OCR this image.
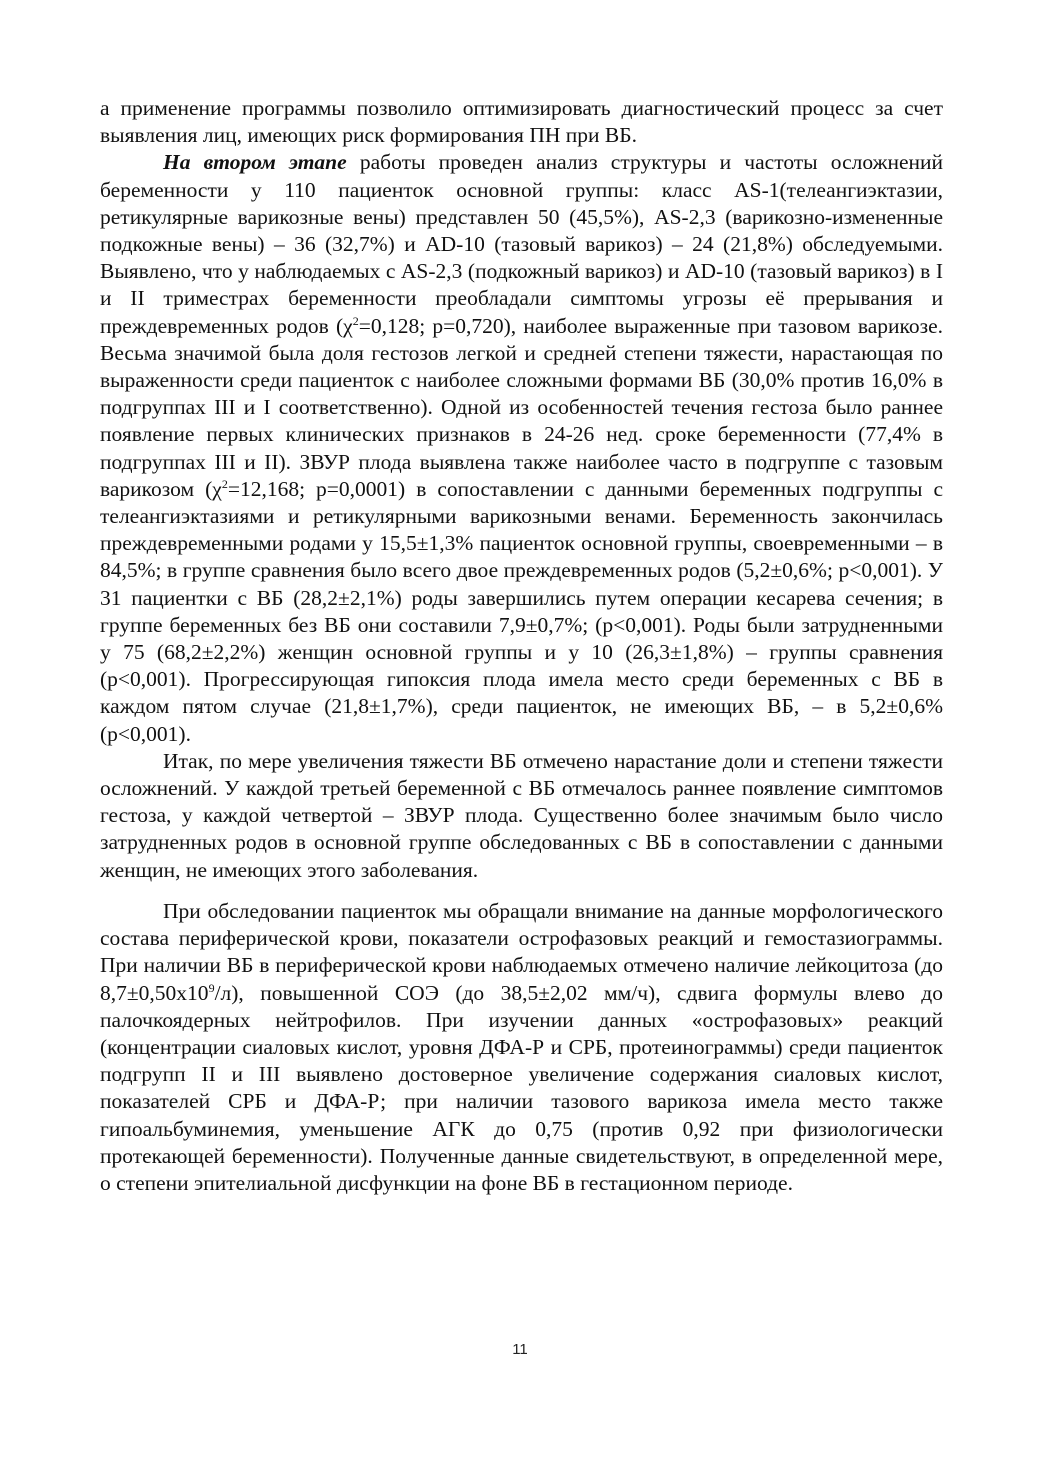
а применение программы позволило оптимизировать диагностический процесс за счет выявления лиц, имеющих риск формирования ПН при ВБ.

На втором этапе работы проведен анализ структуры и частоты осложнений беременности у 110 пациенток основной группы: класс AS-1(телеангиэктазии, ретикулярные варикозные вены) представлен 50 (45,5%), AS-2,3 (варикозно-измененные подкожные вены) – 36 (32,7%) и AD-10 (тазовый варикоз) – 24 (21,8%) обследуемыми. Выявлено, что у наблюдаемых с AS-2,3 (подкожный варикоз) и AD-10 (тазовый варикоз) в I и II триместрах беременности преобладали симптомы угрозы её прерывания и преждевременных родов ($\chi^2=0,128$; р=0,720), наиболее выраженные при тазовом варикозе. Весьма значимой была доля гестозов легкой и средней степени тяжести, нарастающая по выраженности среди пациенток с наиболее сложными формами ВБ (30,0% против 16,0% в подгруппах III и I соответственно). Одной из особенностей течения гестоза было раннее появление первых клинических признаков в 24-26 нед. сроке беременности (77,4% в подгруппах III и II). ЗВУР плода выявлена также наиболее часто в подгруппе с тазовым варикозом ($\chi^2=12,168$; р=0,0001) в сопоставлении с данными беременных подгруппы с телеангиэктазиями и ретикулярными варикозными венами. Беременность закончилась преждевременными родами у 15,5±1,3% пациенток основной группы, своевременными – в 84,5%; в группе сравнения было всего двое преждевременных родов (5,2±0,6%; р<0,001). У 31 пациентки с ВБ (28,2±2,1%) роды завершились путем операции кесарева сечения; в группе беременных без ВБ они составили 7,9±0,7%; (р<0,001). Роды были затрудненными у 75 (68,2±2,2%) женщин основной группы и у 10 (26,3±1,8%) – группы сравнения (р<0,001). Прогрессирующая гипоксия плода имела место среди беременных с ВБ в каждом пятом случае (21,8±1,7%), среди пациенток, не имеющих ВБ, – в 5,2±0,6% (р<0,001).

Итак, по мере увеличения тяжести ВБ отмечено нарастание доли и степени тяжести осложнений. У каждой третьей беременной с ВБ отмечалось раннее появление симптомов гестоза, у каждой четвертой – ЗВУР плода. Существенно более значимым было число затрудненных родов в основной группе обследованных с ВБ в сопоставлении с данными женщин, не имеющих этого заболевания.

При обследовании пациенток мы обращали внимание на данные морфологического состава периферической крови, показатели острофазовых реакций и гемостазиограммы. При наличии ВБ в периферической крови наблюдаемых отмечено наличие лейкоцитоза (до $8,7\pm 0,50х10^9/л$), повышенной СОЭ (до 38,5±2,02 мм/ч), сдвига формулы влево до палочкоядерных нейтрофилов. При изучении данных «острофазовых» реакций (концентрации сиаловых кислот, уровня ДФА-Р и СРБ, протеинограммы) среди пациенток подгрупп II и III выявлено достоверное увеличение содержания сиаловых кислот, показателей СРБ и ДФА-Р; при наличии тазового варикоза имела место также гипоальбуминемия, уменьшение АГК до 0,75 (против 0,92 при физиологически протекающей беременности). Полученные данные свидетельствуют, в определенной мере, о степени эпителиальной дисфункции на фоне ВБ в гестационном периоде.

11
